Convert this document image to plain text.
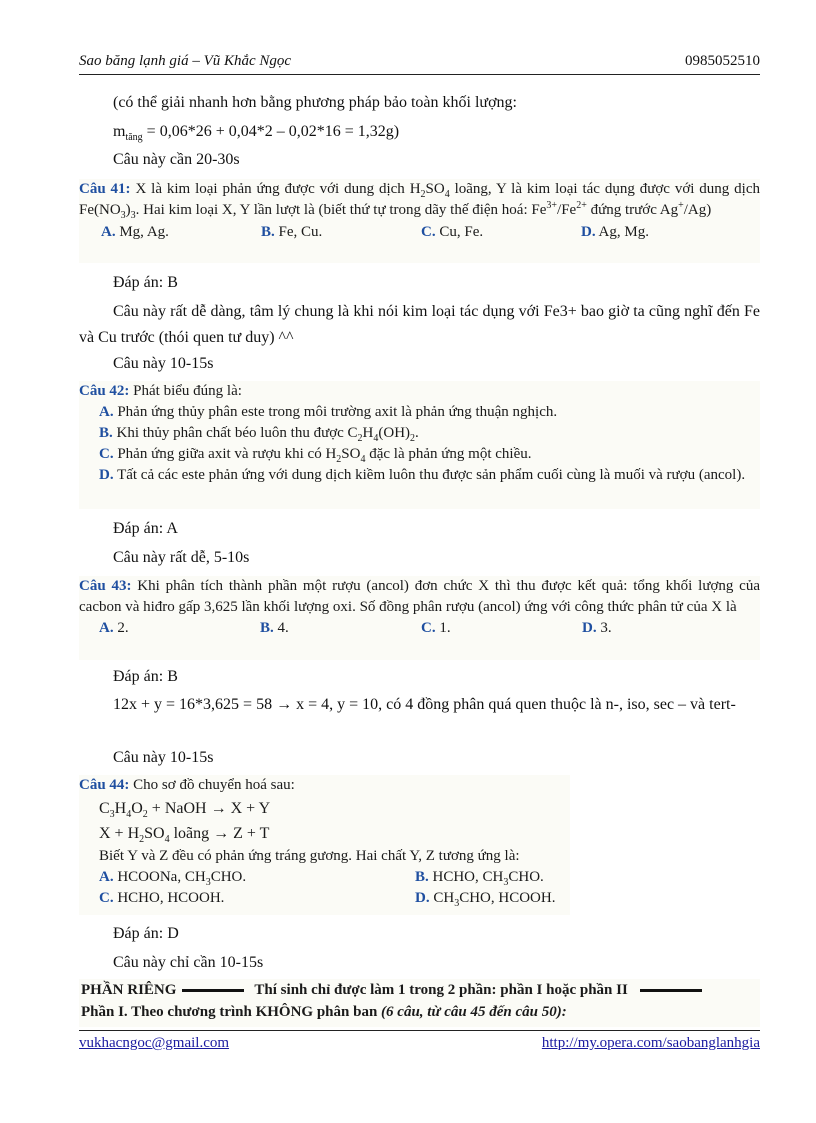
Sao băng lạnh giá – Vũ Khắc Ngọc	0985052510
(có thể giải nhanh hơn bằng phương pháp bảo toàn khối lượng:
$m_{tăng} = 0,06*26 + 0,04*2 - 0,02*16 = 1,32g$)
Câu này cần 20-30s
Câu 41: X là kim loại phản ứng được với dung dịch $H_2SO_4$ loãng, Y là kim loại tác dụng được với dung dịch $Fe(NO_3)_3$. Hai kim loại X, Y lần lượt là (biết thứ tự trong dãy thế điện hoá: $Fe^{3+}/Fe^{2+}$ đứng trước Ag+/Ag)
A. Mg, Ag.	B. Fe, Cu.	C. Cu, Fe.	D. Ag, Mg.
Đáp án: B
Câu này rất dễ dàng, tâm lý chung là khi nói kim loại tác dụng với Fe3+ bao giờ ta cũng nghĩ đến Fe và Cu trước (thói quen tư duy) ^^
Câu này 10-15s
Câu 42: Phát biểu đúng là:
A. Phản ứng thủy phân este trong môi trường axit là phản ứng thuận nghịch.
B. Khi thủy phân chất béo luôn thu được $C_2H_4(OH)_2$.
C. Phản ứng giữa axit và rượu khi có $H_2SO_4$ đặc là phản ứng một chiều.
D. Tất cả các este phản ứng với dung dịch kiềm luôn thu được sản phẩm cuối cùng là muối và rượu (ancol).
Đáp án: A
Câu này rất dễ, 5-10s
Câu 43: Khi phân tích thành phần một rượu (ancol) đơn chức X thì thu được kết quả: tổng khối lượng của cacbon và hiđro gấp 3,625 lần khối lượng oxi. Số đồng phân rượu (ancol) ứng với công thức phân tử của X là
A. 2.	B. 4.	C. 1.	D. 3.
Đáp án: B
12x + y = 16*3,625 = 58 → x = 4, y = 10, có 4 đồng phân quá quen thuộc là n-, iso, sec – và tert-
Câu này 10-15s
Câu 44: Cho sơ đồ chuyển hoá sau:
$C_3H_4O_2$ + NaOH → X + Y
$X + H_2SO_4$ loãng → Z + T
Biết Y và Z đều có phản ứng tráng gương. Hai chất Y, Z tương ứng là:
A. HCOONa, $CH_3CHO$.	B. HCHO, $CH_3CHO$.
C. HCHO, HCOOH.	D. $CH_3CHO$, HCOOH.
Đáp án: D
Câu này chỉ cần 10-15s
PHẦN RIÊNG	Thí sinh chỉ được làm 1 trong 2 phần: phần I hoặc phần II
Phần I. Theo chương trình KHÔNG phân ban (6 câu, từ câu 45 đến câu 50):
vukhacngoc@gmail.com	http://my.opera.com/saobanglanhgia
